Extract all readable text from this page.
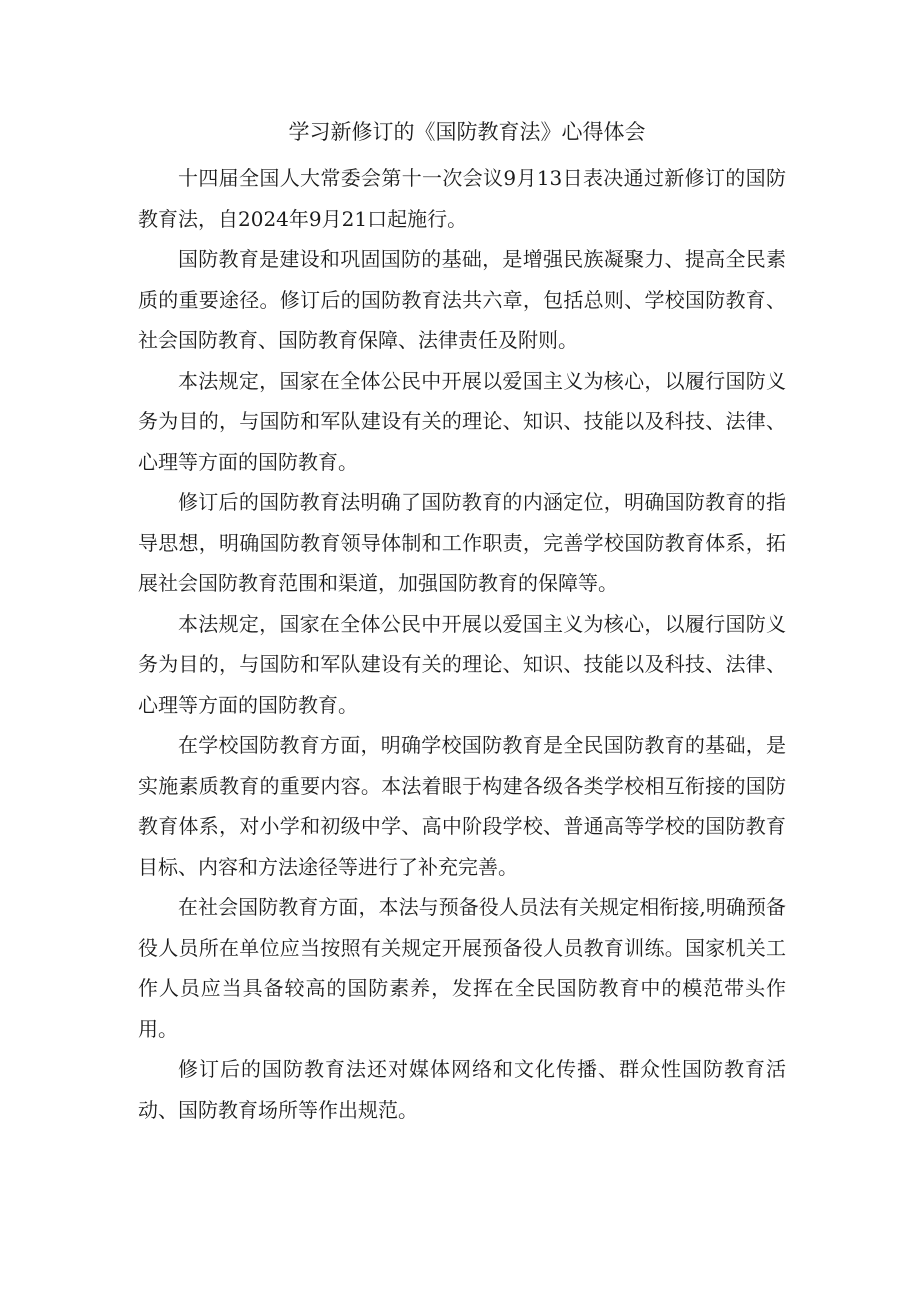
学习新修订的《国防教育法》心得体会

十四届全国人大常委会第十一次会议9月13日表决通过新修订的国防教育法，自2024年9月21口起施行。

国防教育是建设和巩固国防的基础，是增强民族凝聚力、提高全民素质的重要途径。修订后的国防教育法共六章，包括总则、学校国防教育、社会国防教育、国防教育保障、法律责任及附则。

本法规定，国家在全体公民中开展以爱国主义为核心，以履行国防义务为目的，与国防和军队建设有关的理论、知识、技能以及科技、法律、心理等方面的国防教育。

修订后的国防教育法明确了国防教育的内涵定位，明确国防教育的指导思想，明确国防教育领导体制和工作职责，完善学校国防教育体系，拓展社会国防教育范围和渠道，加强国防教育的保障等。

本法规定，国家在全体公民中开展以爱国主义为核心，以履行国防义务为目的，与国防和军队建设有关的理论、知识、技能以及科技、法律、心理等方面的国防教育。

在学校国防教育方面，明确学校国防教育是全民国防教育的基础，是实施素质教育的重要内容。本法着眼于构建各级各类学校相互衔接的国防教育体系，对小学和初级中学、高中阶段学校、普通高等学校的国防教育目标、内容和方法途径等进行了补充完善。

在社会国防教育方面，本法与预备役人员法有关规定相衔接,明确预备役人员所在单位应当按照有关规定开展预备役人员教育训练。国家机关工作人员应当具备较高的国防素养，发挥在全民国防教育中的模范带头作用。

修订后的国防教育法还对媒体网络和文化传播、群众性国防教育活动、国防教育场所等作出规范。
